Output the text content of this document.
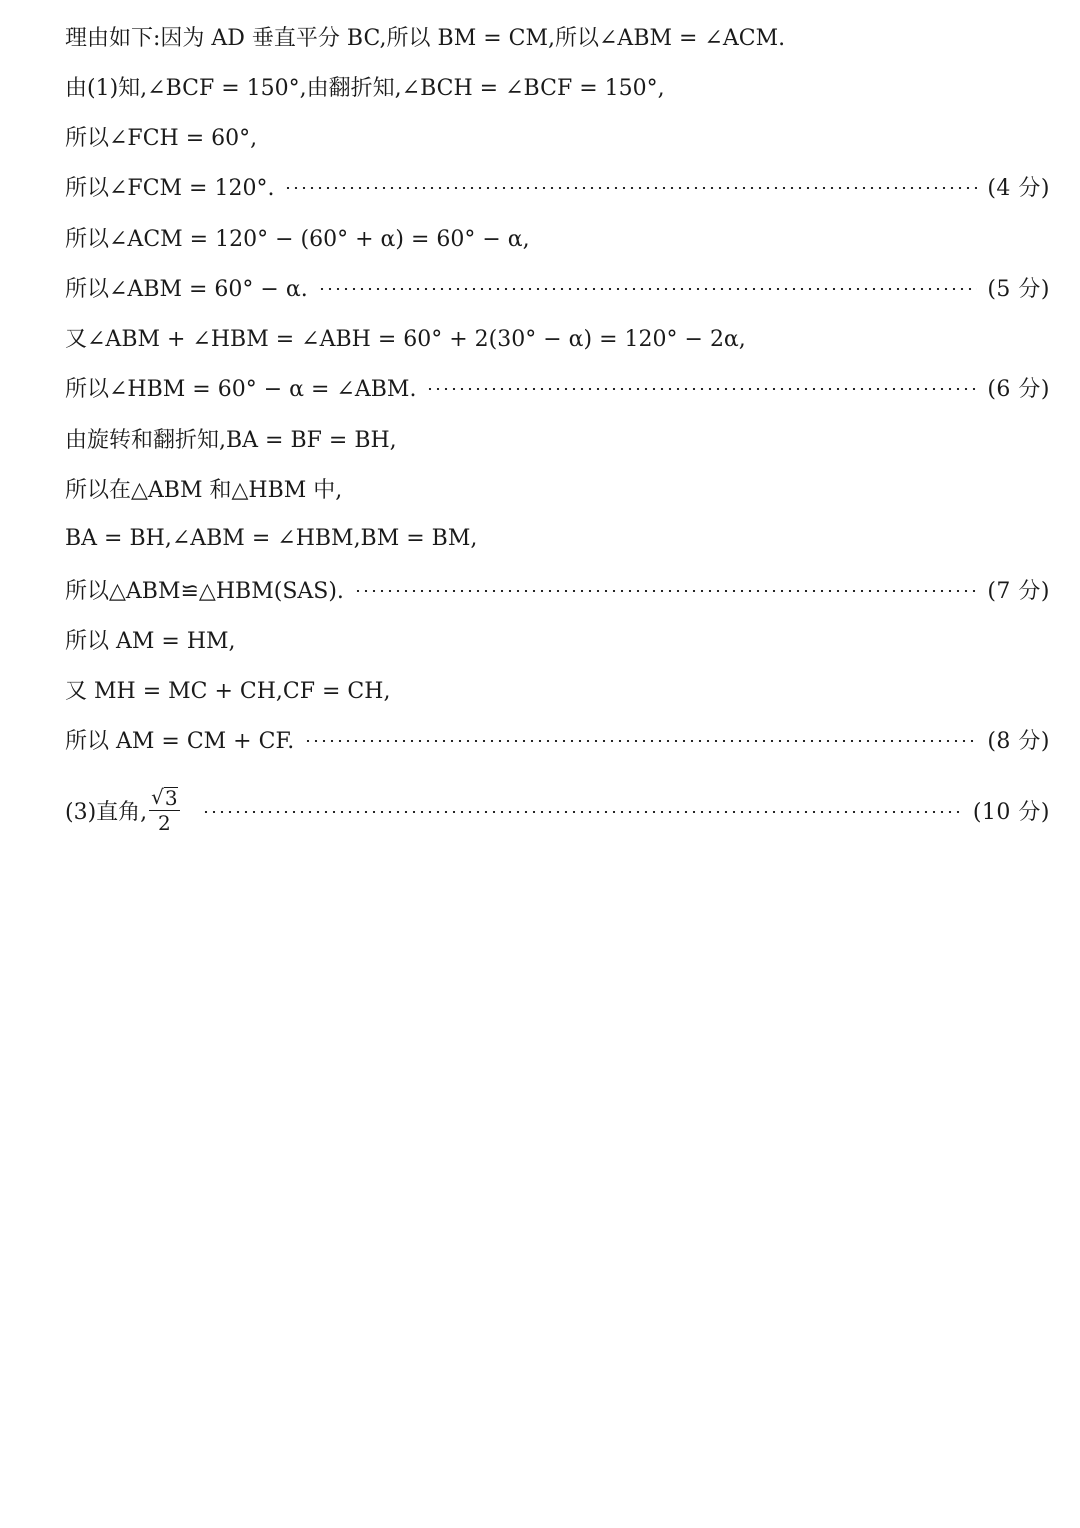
理由如下:因为 AD 垂直平分 BC,所以 BM = CM,所以∠ABM = ∠ACM.
由(1)知,∠BCF = 150°,由翻折知,∠BCH = ∠BCF = 150°,
所以∠FCH = 60°,
所以∠FCM = 120°.	(4 分)
所以∠ACM = 120° − (60° + α) = 60° − α,
所以∠ABM = 60° − α.	(5 分)
又∠ABM + ∠HBM = ∠ABH = 60° + 2(30° − α) = 120° − 2α,
所以∠HBM = 60° − α = ∠ABM.	(6 分)
由旋转和翻折知,BA = BF = BH,
所以在△ABM 和△HBM 中,
BA = BH,∠ABM = ∠HBM,BM = BM,
所以△ABM≌△HBM(SAS).	(7 分)
所以 AM = HM,
又 MH = MC + CH,CF = CH,
所以 AM = CM + CF.	(8 分)
(3)直角, $\frac{√ 3}{2}$	(10 分)
